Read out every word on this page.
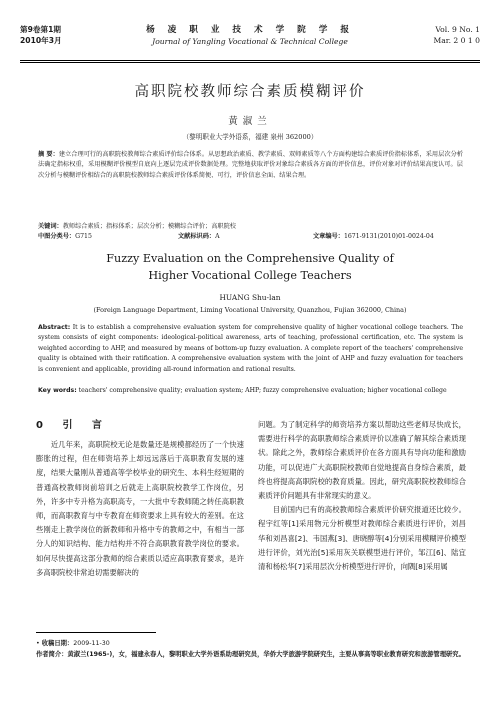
第9卷第1期
2010年3月
杨 凌 职 业 技 术 学 院 学 报
Journal of Yangling Vocational & Technical College
Vol. 9 No. 1
Mar. 2 0 1 0
高职院校教师综合素质模糊评价
黄淑兰
（黎明职业大学外语系，福建 泉州 362000）
摘 要：建立合理可行的高职院校教师综合素质评价综合体系。从思想政治素质、教学素质、双师素质等八个方面构建综合素质评价指标体系，采用层次分析法确定指标权重，采用模糊评价模型自底向上逐层完成评价数据处理。完整地获取评价对象综合素质各方面的评价信息，评价对象对评价结果高度认可。层次分析与模糊评价相结合的高职院校教师综合素质评价体系简便、可行，评价信息全面、结果合理。
关键词：教师综合素质；指标体系；层次分析；模糊综合评价；高职院校
中图分类号：G715	文献标识码：A	文章编号：1671-9131(2010)01-0024-04
Fuzzy Evaluation on the Comprehensive Quality of
Higher Vocational College Teachers
HUANG Shu-lan
(Foreign Language Department, Liming Vocational University, Quanzhou, Fujian 362000, China)
Abstract: It is to establish a comprehensive evaluation system for comprehensive quality of higher vocational college teachers. The system consists of eight components: ideological-political awareness, arts of teaching, professional certification, etc. The system is weighted according to AHP, and measured by means of bottom-up fuzzy evaluation. A complete report of the teachers' comprehensive quality is obtained with their ratification. A comprehensive evaluation system with the joint of AHP and fuzzy evaluation for teachers is convenient and applicable, providing all-round information and rational results.
Key words: teachers' comprehensive quality; evaluation system; AHP; fuzzy comprehensive evaluation; higher vocational college
0 引 言

近几年来，高职院校无论是数量还是规模都经历了一个快速膨胀的过程，但在师资培养上却远远落后于高职教育发展的速度，结果大量刚从普通高等学校毕业的研究生、本科生经短期的普通高校教师岗前培训之后就走上高职院校教学工作岗位，另外，许多中专升格为高职高专，一大批中专教师随之转任高职教师，而高职教育与中专教育在师资要求上具有较大的差别。在这些刚走上教学岗位的新教师和升格中专的教师之中，有相当一部分人的知识结构、能力结构并不符合高职教育教学岗位的要求。如何尽快提高这部分教师的综合素质以适应高职教育要求，是许多高职院校非常迫切需要解决的

问题。为了制定科学的师资培养方案以帮助这些老师尽快成长，需要进行科学的高职教师综合素质评价以准确了解其综合素质现状。除此之外，教师综合素质评价在各方面具有导向功能和激励功能，可以促进广大高职院校教师自觉地提高自身综合素质，最终也将提高高职院校的教育质量。因此，研究高职院校教师综合素质评价问题具有非常现实的意义。

目前国内已有的高校教师综合素质评价研究报道还比较少。程宇红等[1]采用物元分析模型对教师综合素质进行评价，刘昌华和刘昌喜[2]、韦国燕[3]、唐晓醇等[4]分别采用模糊评价模型进行评价，刘光治[5]采用灰关联模型进行评价，邹江[6]、陆宜清和杨松华[7]采用层次分析模型进行评价，向隅[8]采用属

• 收稿日期：2009-11-30
作者简介：黄淑兰(1965-)，女，福建永春人，黎明职业大学外语系助理研究员，华侨大学旅游学院研究生，主要从事高等职业教育研究和旅游管理研究。
